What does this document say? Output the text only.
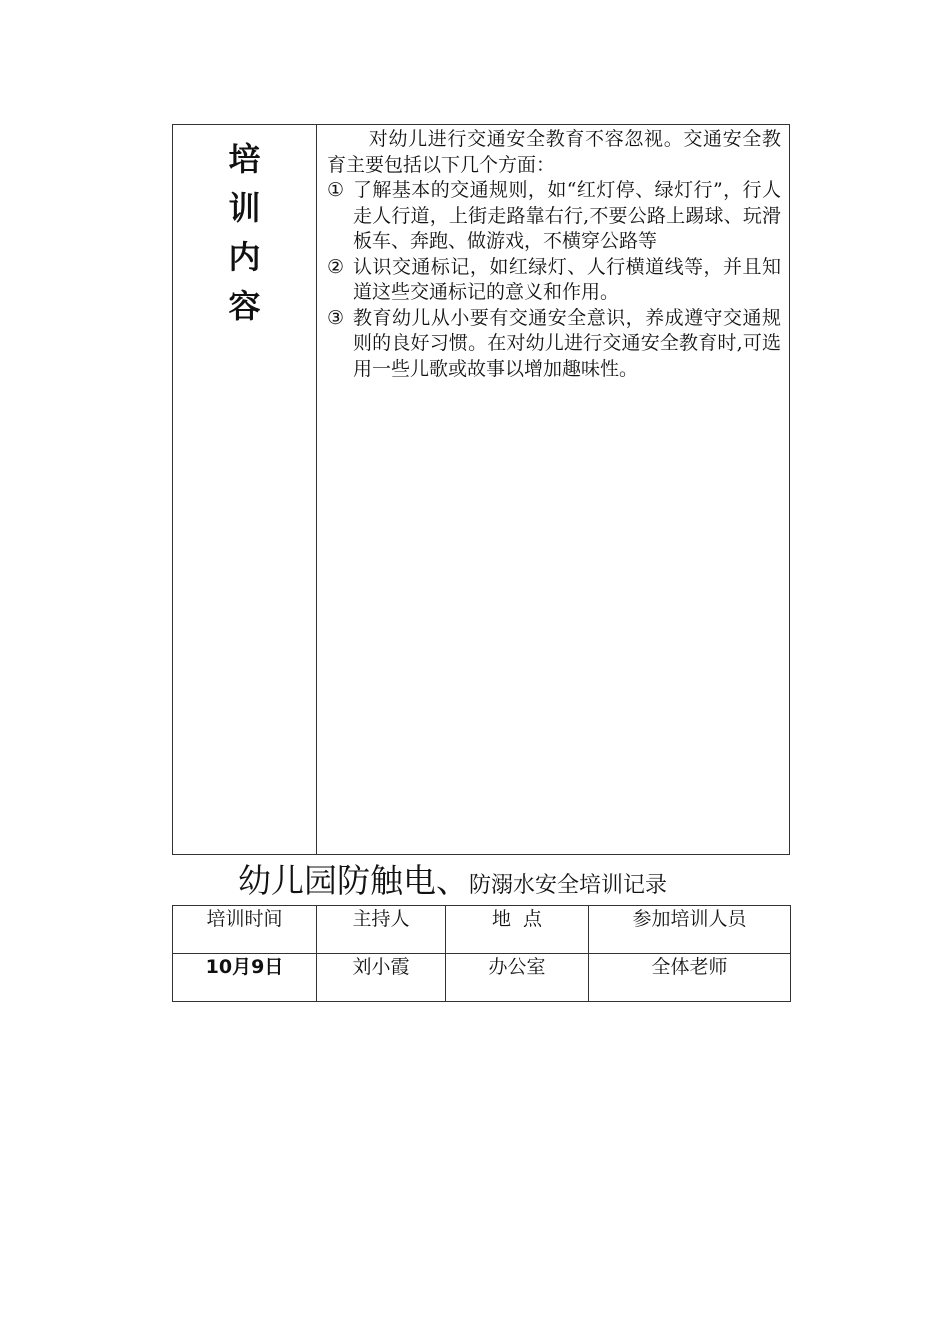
培
训
内
容

对幼儿进行交通安全教育不容忽视。交通安全教育主要包括以下几个方面：

① 了解基本的交通规则，如“红灯停、绿灯行”，行人走人行道，上街走路靠右行,不要公路上踢球、玩滑板车、奔跑、做游戏，不横穿公路等
② 认识交通标记，如红绿灯、人行横道线等，并且知道这些交通标记的意义和作用。
③ 教育幼儿从小要有交通安全意识，养成遵守交通规则的良好习惯。在对幼儿进行交通安全教育时,可选用一些儿歌或故事以增加趣味性。
幼儿园防触电、防溺水安全培训记录
培训时间	主持人	地  点	参加培训人员
10月9日	刘小霞	办公室	全体老师
